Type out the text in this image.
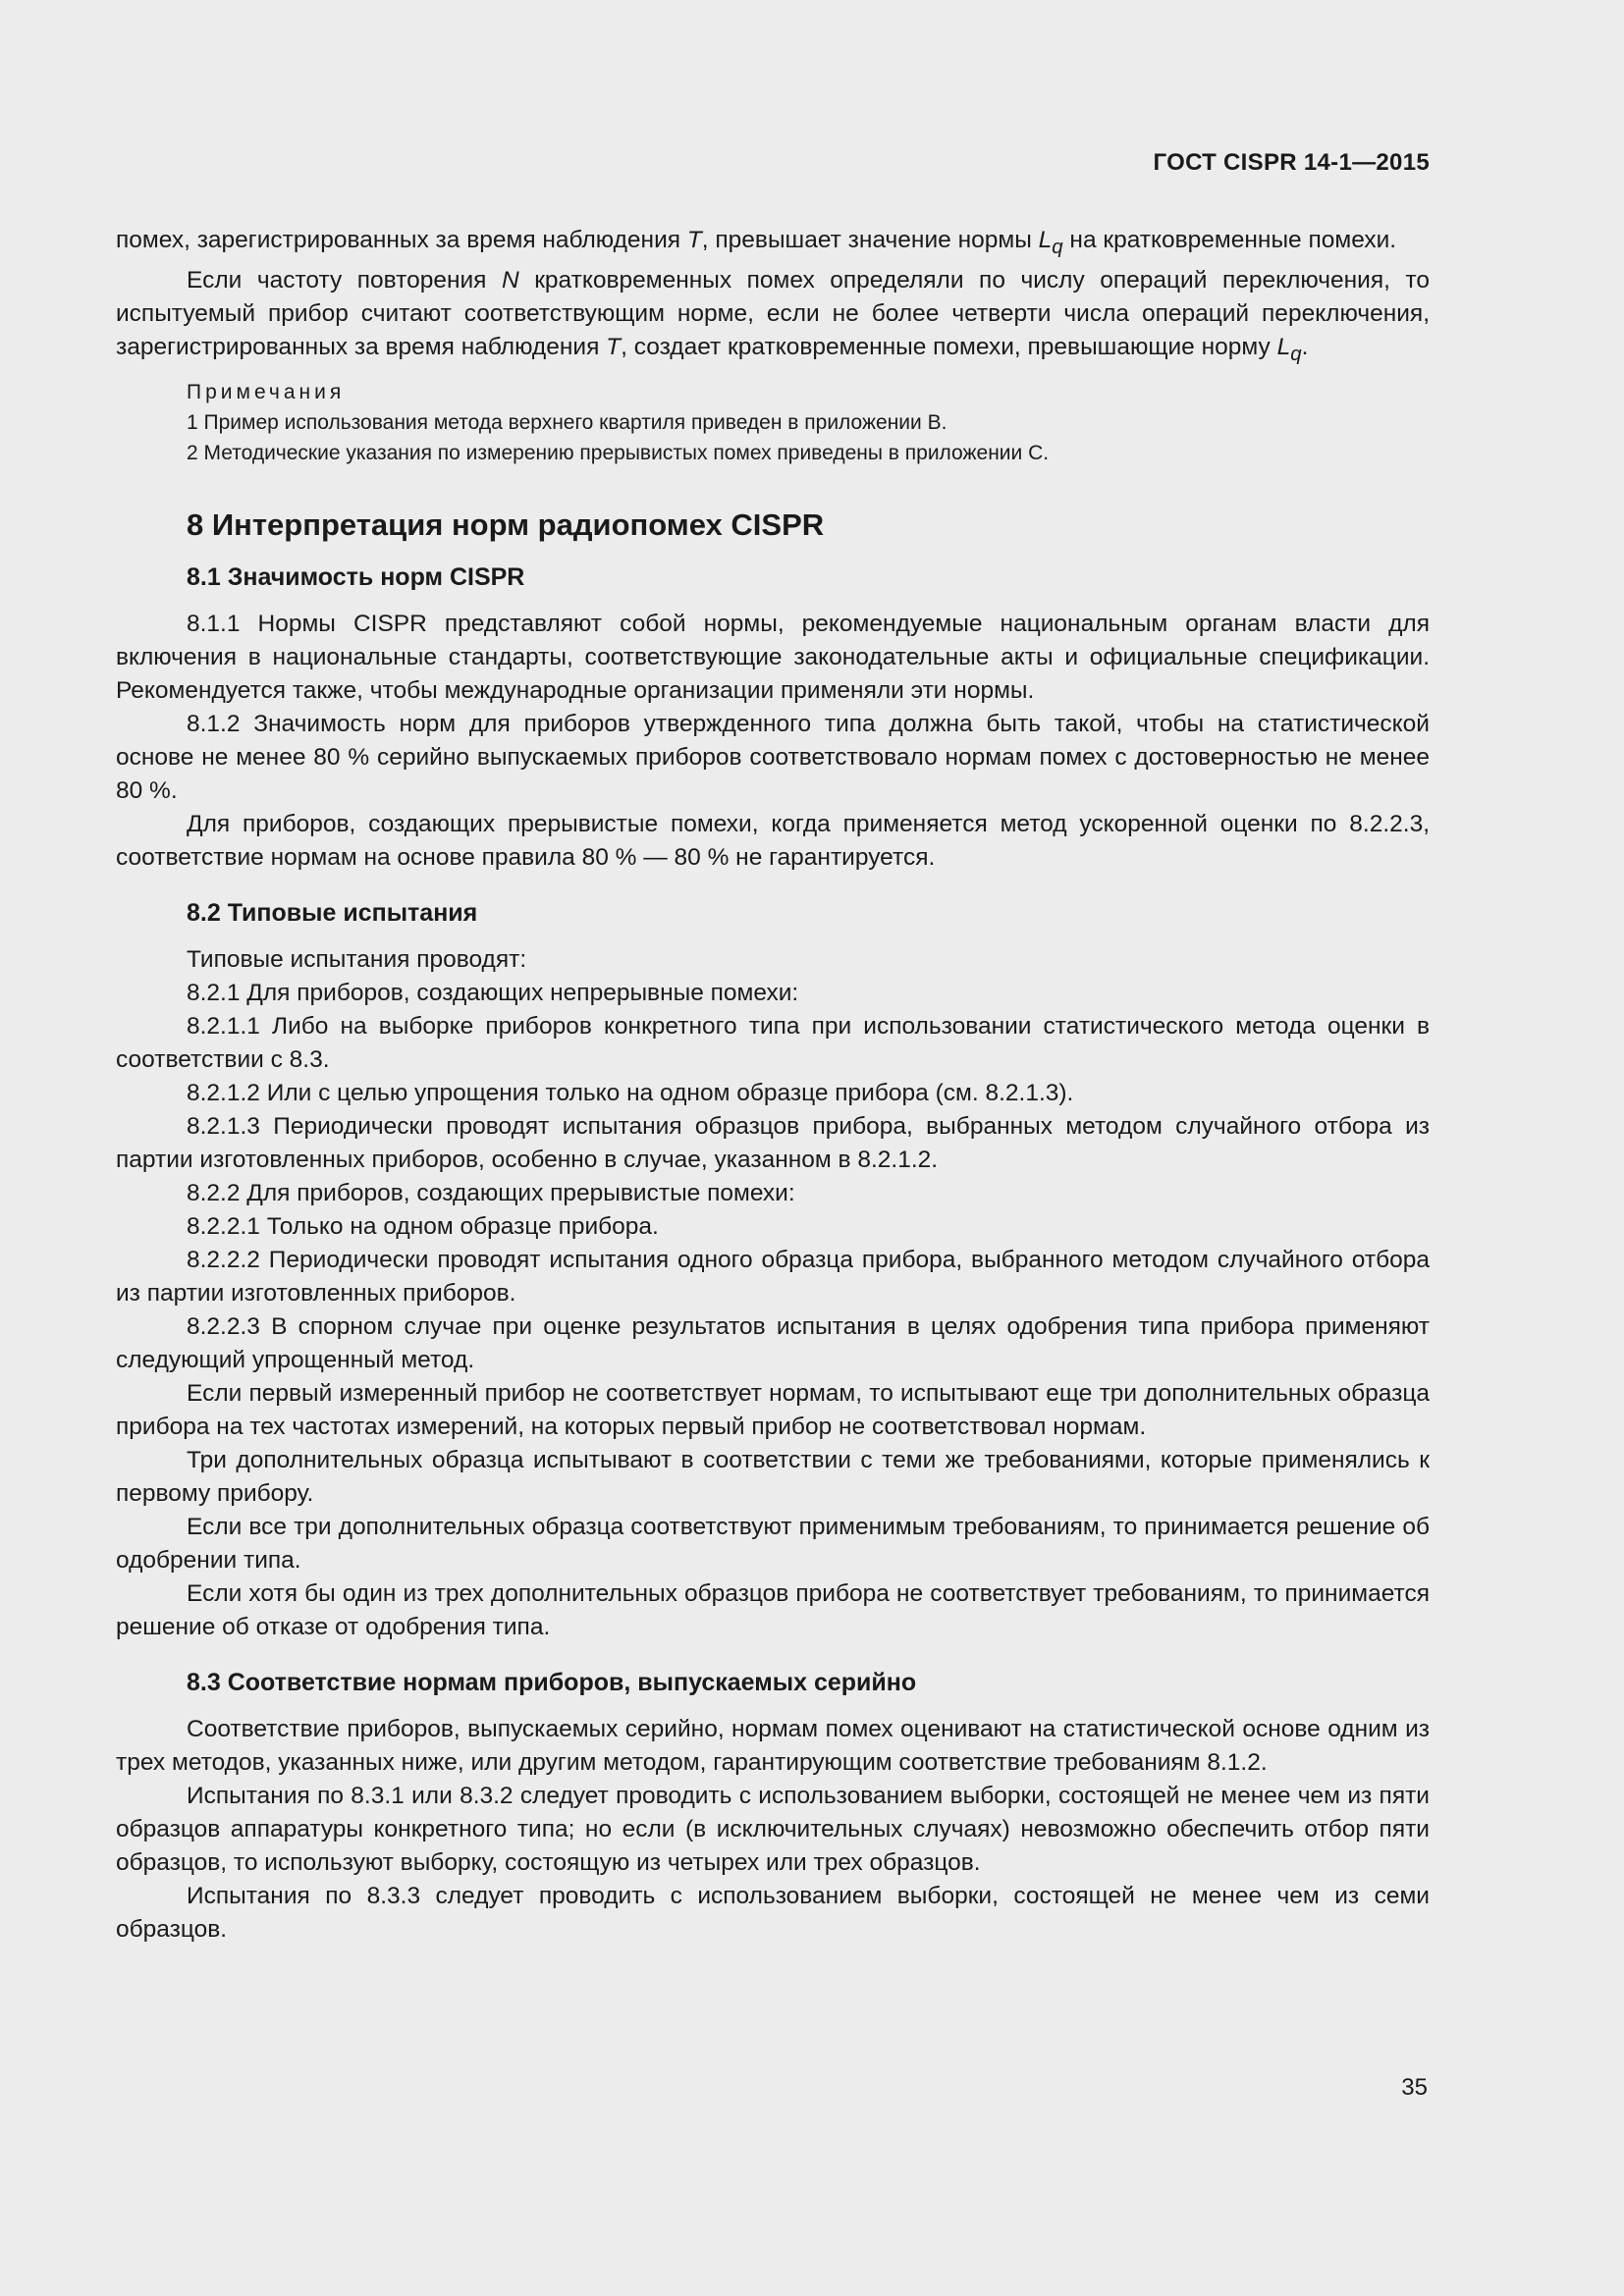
ГОСТ CISPR 14-1—2015

помех, зарегистрированных за время наблюдения T, превышает значение нормы $L_q$ на кратковременные помехи.

Если частоту повторения N кратковременных помех определяли по числу операций переключения, то испытуемый прибор считают соответствующим норме, если не более четверти числа операций переключения, зарегистрированных за время наблюдения T, создает кратковременные помехи, превышающие норму $L_q$.

Примечания
1 Пример использования метода верхнего квартиля приведен в приложении В.
2 Методические указания по измерению прерывистых помех приведены в приложении С.
8 Интерпретация норм радиопомех CISPR
8.1 Значимость норм CISPR

8.1.1 Нормы CISPR представляют собой нормы, рекомендуемые национальным органам власти для включения в национальные стандарты, соответствующие законодательные акты и официальные спецификации. Рекомендуется также, чтобы международные организации применяли эти нормы.

8.1.2 Значимость норм для приборов утвержденного типа должна быть такой, чтобы на статистической основе не менее 80 % серийно выпускаемых приборов соответствовало нормам помех с достоверностью не менее 80 %.

Для приборов, создающих прерывистые помехи, когда применяется метод ускоренной оценки по 8.2.2.3, соответствие нормам на основе правила 80 % — 80 % не гарантируется.

8.2 Типовые испытания

Типовые испытания проводят:

8.2.1 Для приборов, создающих непрерывные помехи:

8.2.1.1 Либо на выборке приборов конкретного типа при использовании статистического метода оценки в соответствии с 8.3.

8.2.1.2 Или с целью упрощения только на одном образце прибора (см. 8.2.1.3).

8.2.1.3 Периодически проводят испытания образцов прибора, выбранных методом случайного отбора из партии изготовленных приборов, особенно в случае, указанном в 8.2.1.2.

8.2.2 Для приборов, создающих прерывистые помехи:

8.2.2.1 Только на одном образце прибора.

8.2.2.2 Периодически проводят испытания одного образца прибора, выбранного методом случайного отбора из партии изготовленных приборов.

8.2.2.3 В спорном случае при оценке результатов испытания в целях одобрения типа прибора применяют следующий упрощенный метод.

Если первый измеренный прибор не соответствует нормам, то испытывают еще три дополнительных образца прибора на тех частотах измерений, на которых первый прибор не соответствовал нормам.

Три дополнительных образца испытывают в соответствии с теми же требованиями, которые применялись к первому прибору.

Если все три дополнительных образца соответствуют применимым требованиям, то принимается решение об одобрении типа.

Если хотя бы один из трех дополнительных образцов прибора не соответствует требованиям, то принимается решение об отказе от одобрения типа.

8.3 Соответствие нормам приборов, выпускаемых серийно

Соответствие приборов, выпускаемых серийно, нормам помех оценивают на статистической основе одним из трех методов, указанных ниже, или другим методом, гарантирующим соответствие требованиям 8.1.2.

Испытания по 8.3.1 или 8.3.2 следует проводить с использованием выборки, состоящей не менее чем из пяти образцов аппаратуры конкретного типа; но если (в исключительных случаях) невозможно обеспечить отбор пяти образцов, то используют выборку, состоящую из четырех или трех образцов.

Испытания по 8.3.3 следует проводить с использованием выборки, состоящей не менее чем из семи образцов.

35
